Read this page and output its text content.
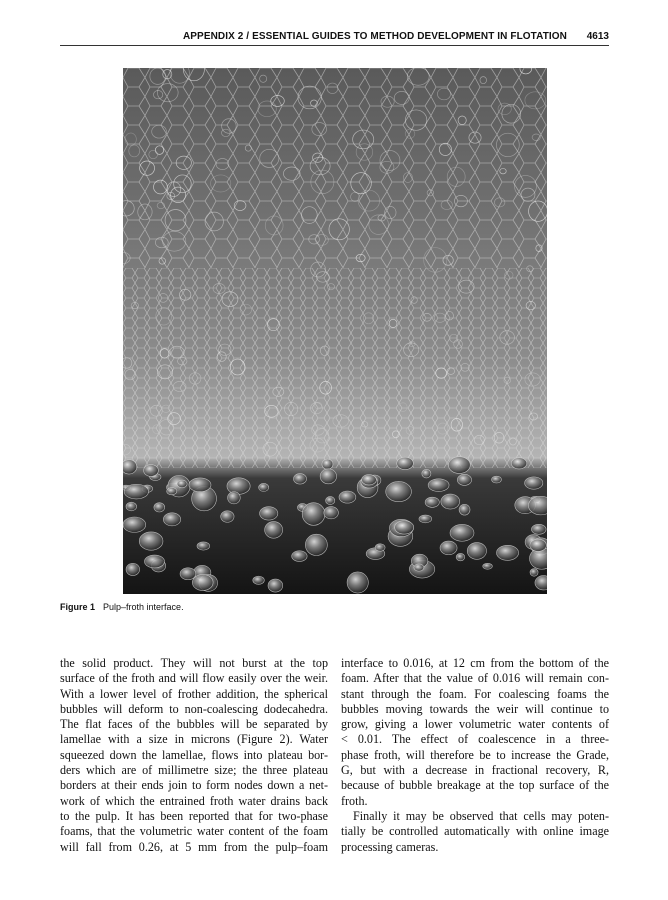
APPENDIX 2 / ESSENTIAL GUIDES TO METHOD DEVELOPMENT IN FLOTATION 4613
Figure 1 Pulp–froth interface.
the solid product. They will not burst at the top
surface of the froth and will flow easily over the weir.
With a lower level of frother addition, the spherical
bubbles will deform to non-coalescing dodecahedra.
The flat faces of the bubbles will be separated by
lamellae with a size in microns (Figure 2). Water
squeezed down the lamellae, flows into plateau bor-
ders which are of millimetre size; the three plateau
borders at their ends join to form nodes down a net-
work of which the entrained froth water drains back
to the pulp. It has been reported that for two-phase
foams, that the volumetric water content of the foam
will fall from 0.26, at 5 mm from the pulp–foam
interface to 0.016, at 12 cm from the bottom of the
foam. After that the value of 0.016 will remain con-
stant through the foam. For coalescing foams the
bubbles moving towards the weir will continue to
grow, giving a lower volumetric water contents of
< 0.01. The effect of coalescence in a three-
phase froth, will therefore be to increase the Grade,
G, but with a decrease in fractional recovery, R,
because of bubble breakage at the top surface of the
froth.
Finally it may be observed that cells may poten-
tially be controlled automatically with online image
processing cameras.
